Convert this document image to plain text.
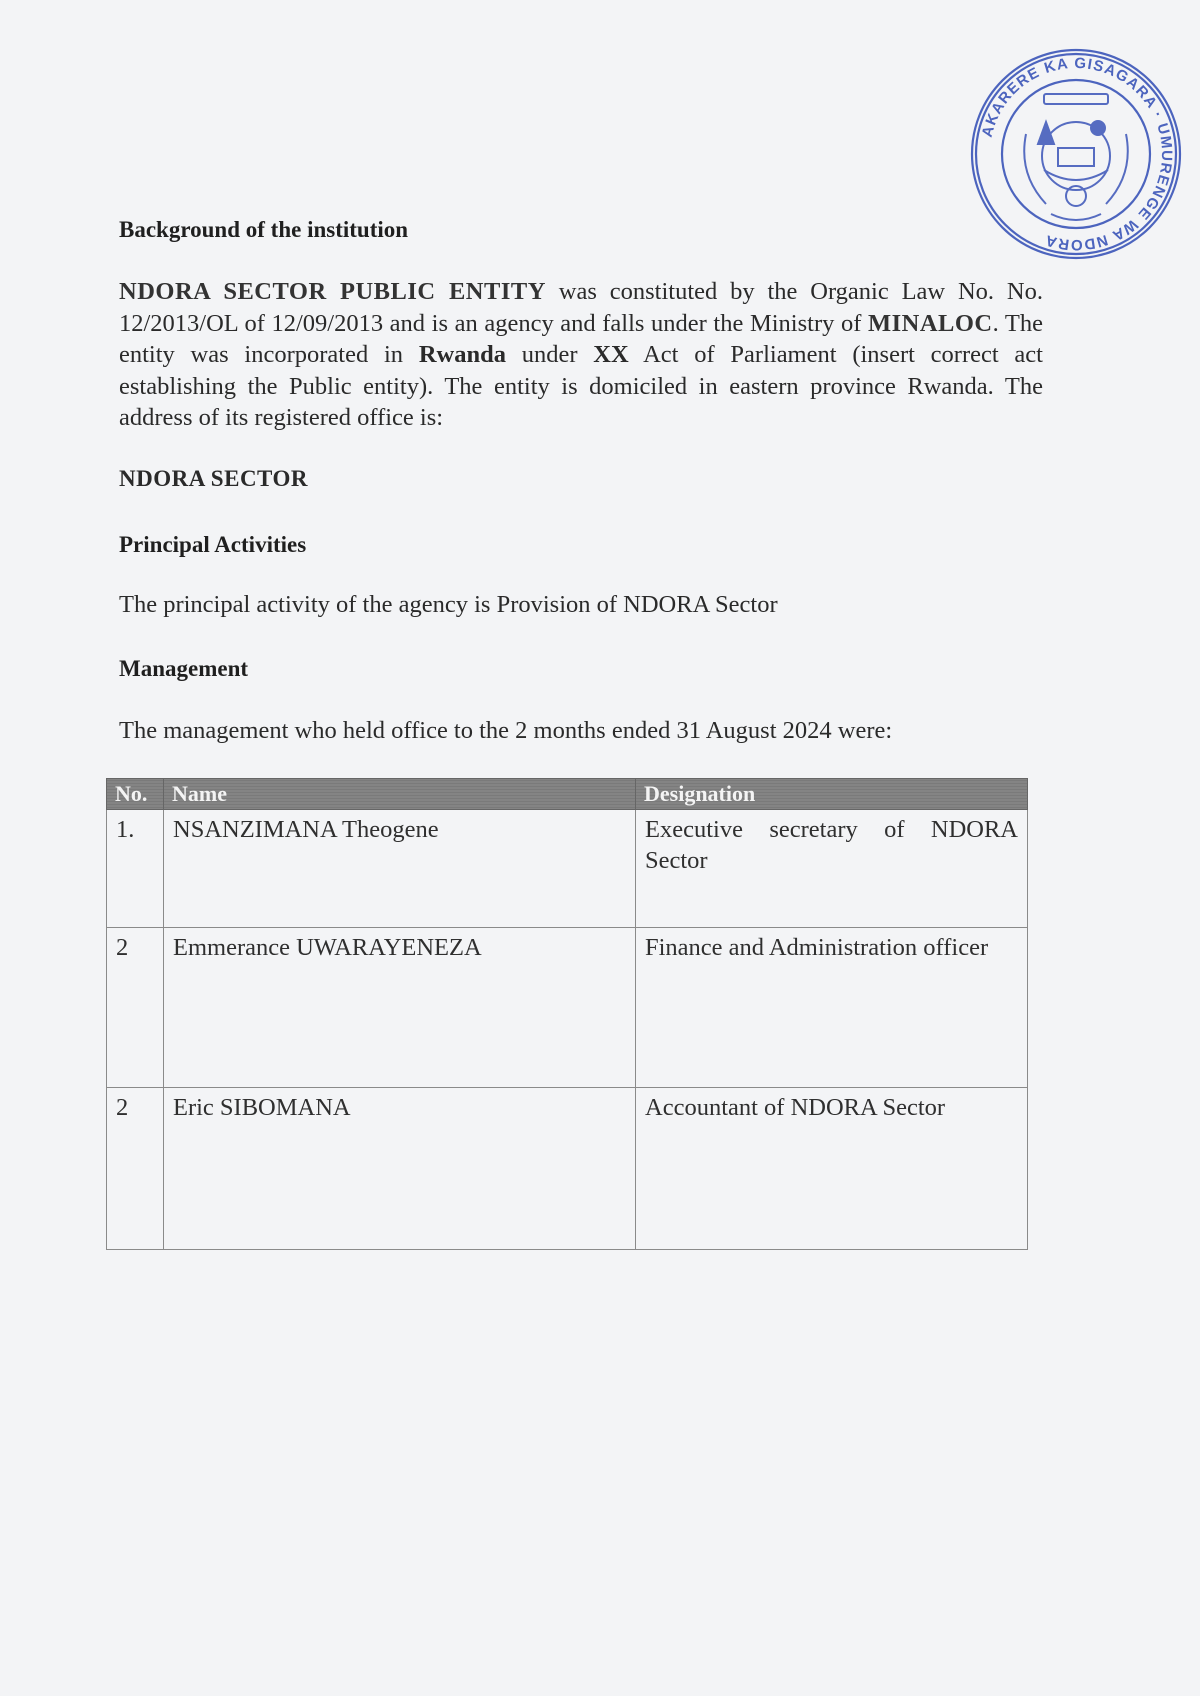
AKARERE KA GISAGARA · UMURENGE WA NDORA
Background of the institution

NDORA SECTOR PUBLIC ENTITY was constituted by the Organic Law No. No. 12/2013/OL of 12/09/2013 and is an agency and falls under the Ministry of MINALOC. The entity was incorporated in Rwanda under XX Act of Parliament (insert correct act establishing the Public entity). The entity is domiciled in eastern province Rwanda. The address of its registered office is:

NDORA SECTOR

Principal Activities

The principal activity of the agency is Provision of NDORA Sector

Management

The management who held office to the 2 months ended 31 August 2024 were:

No.	Name	Designation
1.	NSANZIMANA Theogene	Executive secretary of NDORA Sector
2	Emmerance UWARAYENEZA	Finance and Administration officer
2	Eric SIBOMANA	Accountant of NDORA Sector
